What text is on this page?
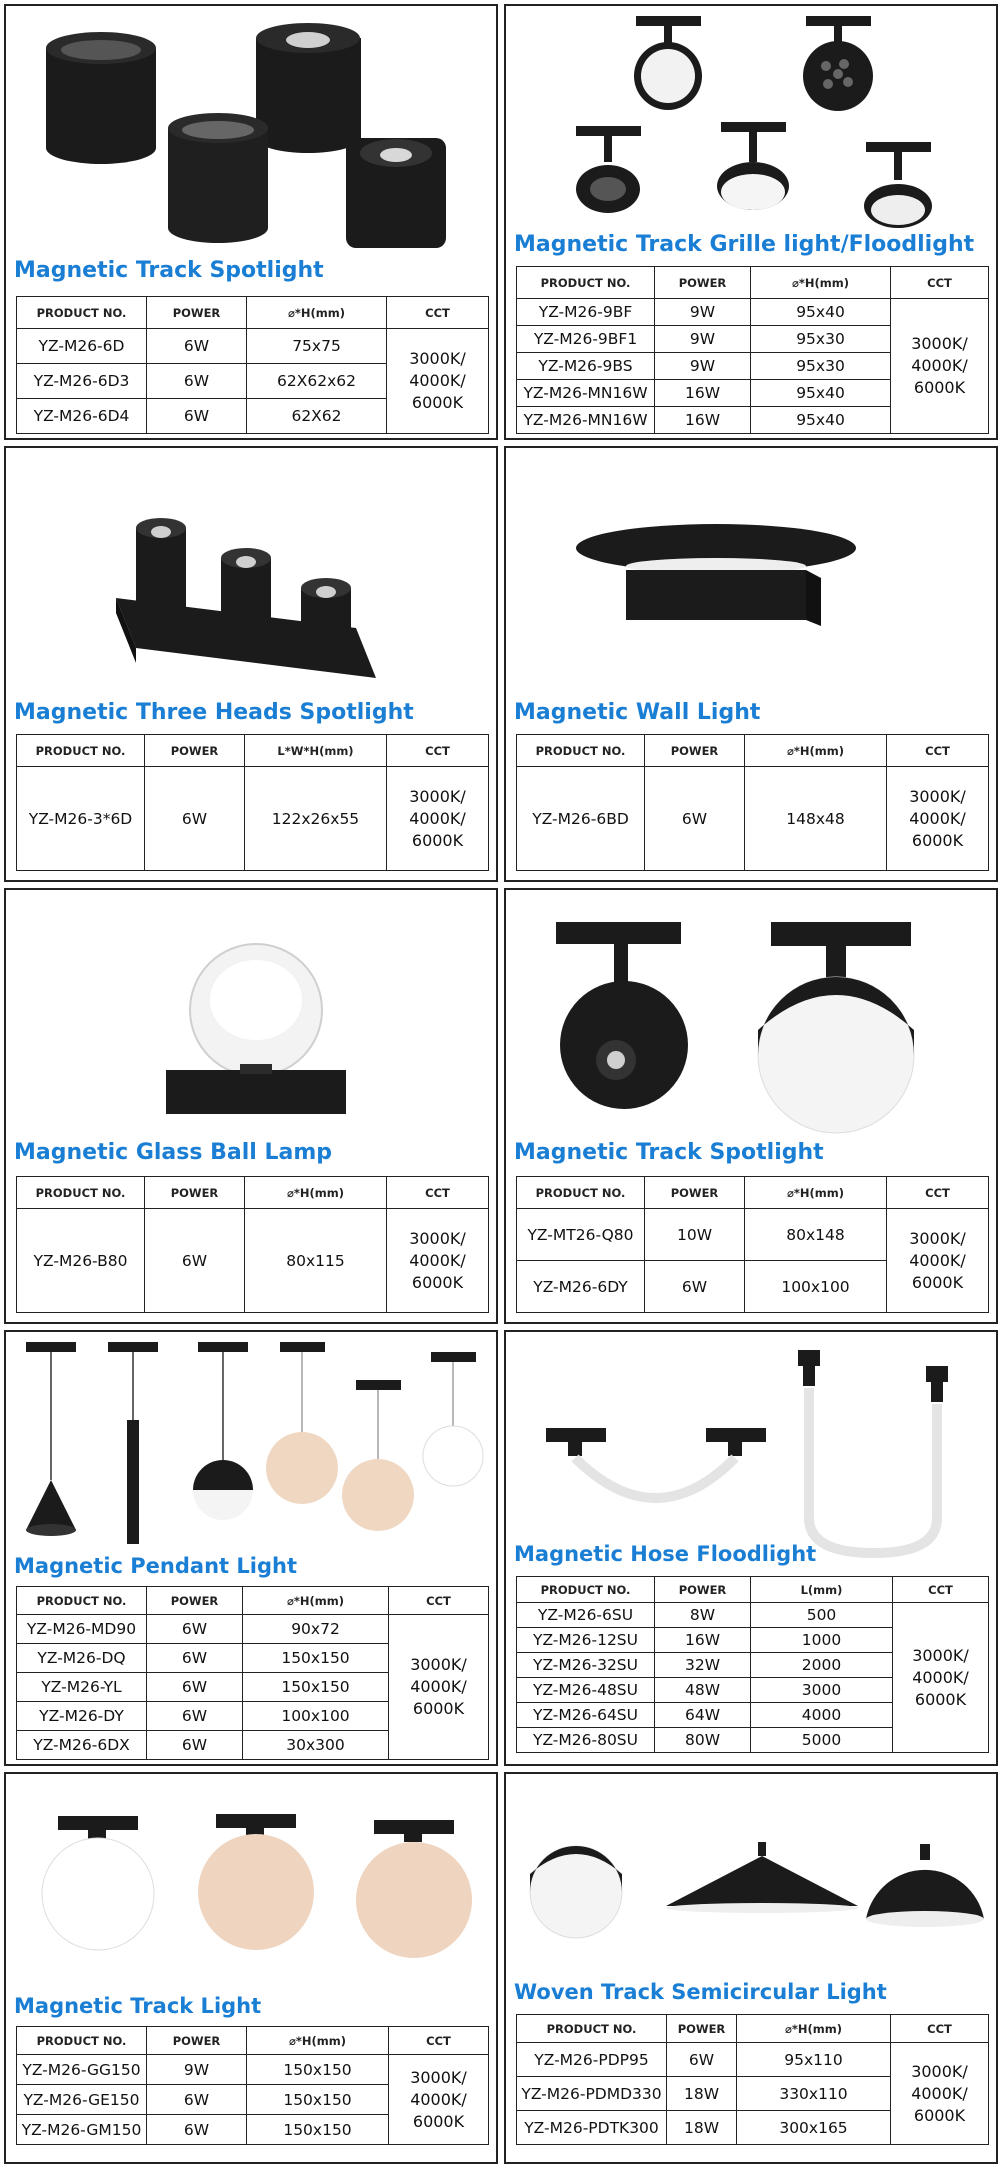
Magnetic Track Spotlight
PRODUCT NO.	POWER	⌀*H(mm)	CCT
YZ-M26-6D	6W	75x75	3000K/ 4000K/ 6000K
YZ-M26-6D3	6W	62X62x62	
YZ-M26-6D4	6W	62X62	
Magnetic Track Grille light/Floodlight
PRODUCT NO.	POWER	⌀*H(mm)	CCT
YZ-M26-9BF	9W	95x40	3000K/ 4000K/ 6000K
YZ-M26-9BF1	9W	95x30	
YZ-M26-9BS	9W	95x30	
YZ-M26-MN16W	16W	95x40	
YZ-M26-MN16W	16W	95x40	
Magnetic Three Heads Spotlight
PRODUCT NO.	POWER	L*W*H(mm)	CCT
YZ-M26-3*6D	6W	122x26x55	3000K/ 4000K/ 6000K
Magnetic Wall Light
PRODUCT NO.	POWER	⌀*H(mm)	CCT
YZ-M26-6BD	6W	148x48	3000K/ 4000K/ 6000K
Magnetic Glass Ball Lamp
PRODUCT NO.	POWER	⌀*H(mm)	CCT
YZ-M26-B80	6W	80x115	3000K/ 4000K/ 6000K
Magnetic Track Spotlight
PRODUCT NO.	POWER	⌀*H(mm)	CCT
YZ-MT26-Q80	10W	80x148	3000K/ 4000K/ 6000K
YZ-M26-6DY	6W	100x100	
Magnetic Pendant Light
PRODUCT NO.	POWER	⌀*H(mm)	CCT
YZ-M26-MD90	6W	90x72	3000K/ 4000K/ 6000K
YZ-M26-DQ	6W	150x150	
YZ-M26-YL	6W	150x150	
YZ-M26-DY	6W	100x100	
YZ-M26-6DX	6W	30x300	
Magnetic Hose Floodlight
PRODUCT NO.	POWER	L(mm)	CCT
YZ-M26-6SU	8W	500	3000K/ 4000K/ 6000K
YZ-M26-12SU	16W	1000	
YZ-M26-32SU	32W	2000	
YZ-M26-48SU	48W	3000	
YZ-M26-64SU	64W	4000	
YZ-M26-80SU	80W	5000	
Magnetic Track Light
PRODUCT NO.	POWER	⌀*H(mm)	CCT
YZ-M26-GG150	9W	150x150	3000K/ 4000K/ 6000K
YZ-M26-GE150	6W	150x150	
YZ-M26-GM150	6W	150x150	
Woven Track Semicircular Light
PRODUCT NO.	POWER	⌀*H(mm)	CCT
YZ-M26-PDP95	6W	95x110	3000K/ 4000K/ 6000K
YZ-M26-PDMD330	18W	330x110	
YZ-M26-PDTK300	18W	300x165	
